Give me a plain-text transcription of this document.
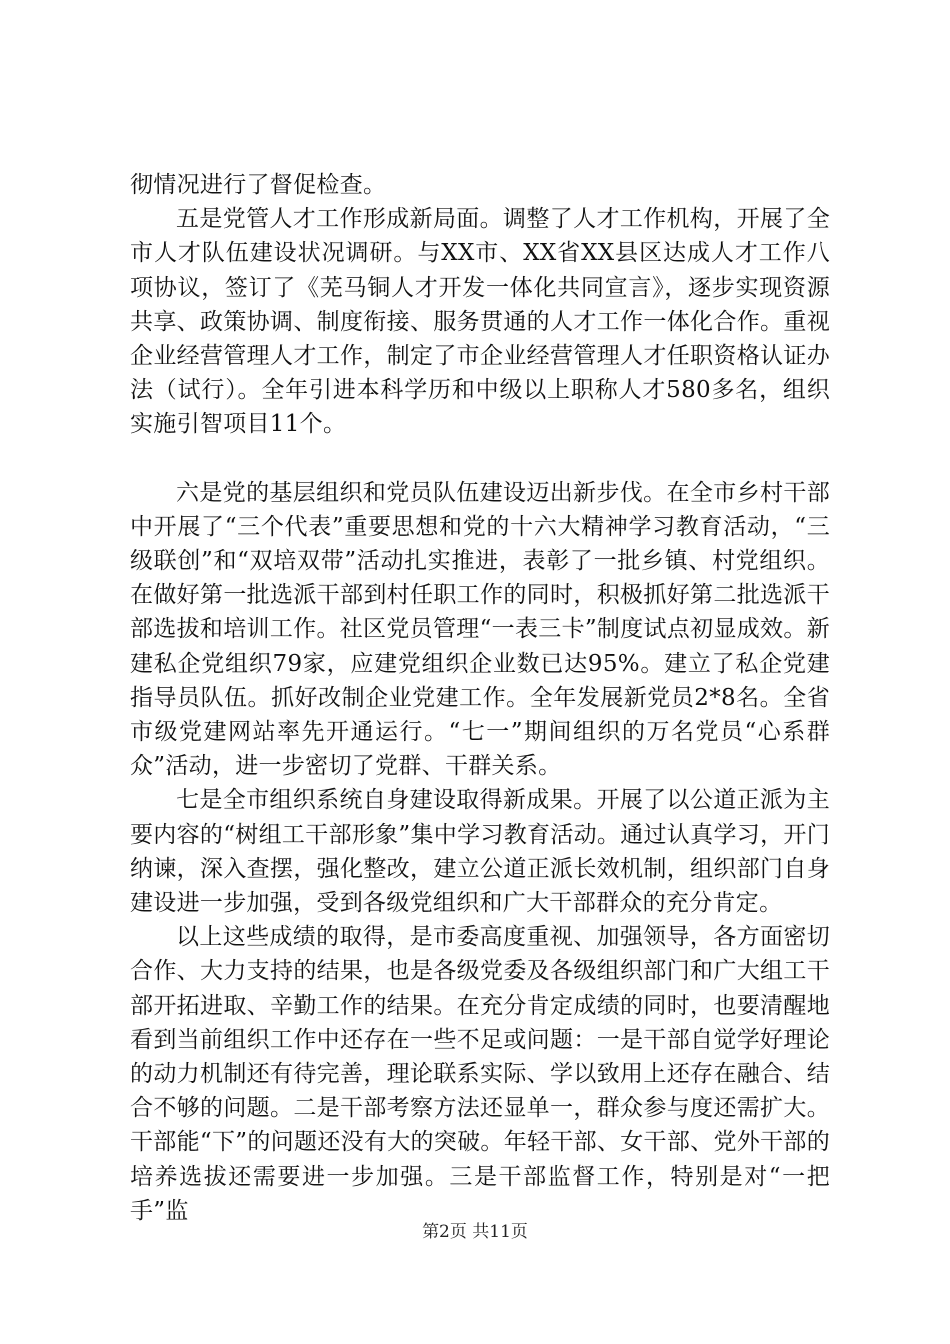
彻情况进行了督促检查。

五是党管人才工作形成新局面。调整了人才工作机构，开展了全市人才队伍建设状况调研。与XX市、XX省XX县区达成人才工作八项协议，签订了《芜马铜人才开发一体化共同宣言》，逐步实现资源共享、政策协调、制度衔接、服务贯通的人才工作一体化合作。重视企业经营管理人才工作，制定了市企业经营管理人才任职资格认证办法（试行）。全年引进本科学历和中级以上职称人才580多名，组织实施引智项目11个。

六是党的基层组织和党员队伍建设迈出新步伐。在全市乡村干部中开展了“三个代表”重要思想和党的十六大精神学习教育活动，“三级联创”和“双培双带”活动扎实推进，表彰了一批乡镇、村党组织。在做好第一批选派干部到村任职工作的同时，积极抓好第二批选派干部选拔和培训工作。社区党员管理“一表三卡”制度试点初显成效。新建私企党组织79家，应建党组织企业数已达95%。建立了私企党建指导员队伍。抓好改制企业党建工作。全年发展新党员2*8名。全省市级党建网站率先开通运行。“七一”期间组织的万名党员“心系群众”活动，进一步密切了党群、干群关系。

七是全市组织系统自身建设取得新成果。开展了以公道正派为主要内容的“树组工干部形象”集中学习教育活动。通过认真学习，开门纳谏，深入查摆，强化整改，建立公道正派长效机制，组织部门自身建设进一步加强，受到各级党组织和广大干部群众的充分肯定。

以上这些成绩的取得，是市委高度重视、加强领导，各方面密切合作、大力支持的结果，也是各级党委及各级组织部门和广大组工干部开拓进取、辛勤工作的结果。在充分肯定成绩的同时，也要清醒地看到当前组织工作中还存在一些不足或问题：一是干部自觉学好理论的动力机制还有待完善，理论联系实际、学以致用上还存在融合、结合不够的问题。二是干部考察方法还显单一，群众参与度还需扩大。干部能“下”的问题还没有大的突破。年轻干部、女干部、党外干部的培养选拔还需要进一步加强。三是干部监督工作，特别是对“一把手”监

第2页 共11页
